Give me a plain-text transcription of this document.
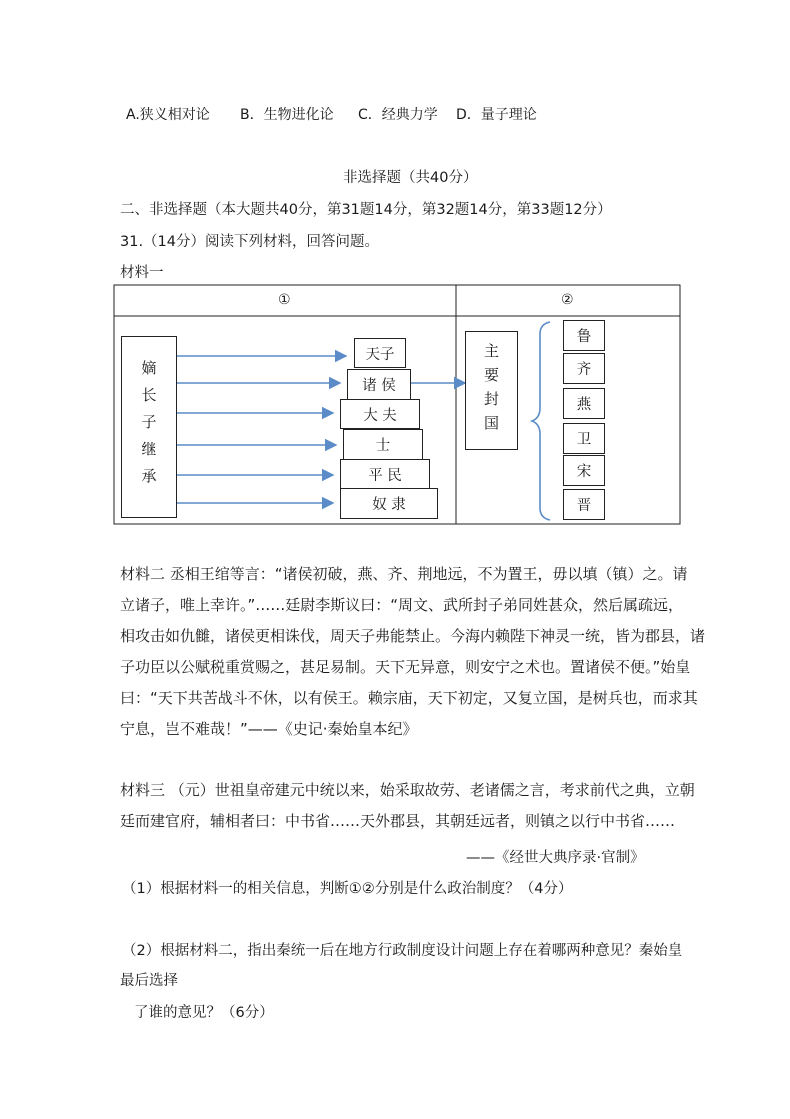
A.狭义相对论 B．生物进化论 C．经典力学 D．量子理论
非选择题（共40分）
二、非选择题（本大题共40分，第31题14分，第32题14分，第33题12分）
31.（14分）阅读下列材料，回答问题。
材料一
①	②
嫡长子继承
天子
诸 侯
大 夫
士
平 民
奴 隶
主要封国
鲁
齐
燕
卫
宋
晋
材料二 丞相王绾等言：“诸侯初破，燕、齐、荆地远，不为置王，毋以填（镇）之。请
立诸子，唯上幸许。”……廷尉李斯议曰：“周文、武所封子弟同姓甚众，然后属疏远，
相攻击如仇雠，诸侯更相诛伐，周天子弗能禁止。今海内赖陛下神灵一统，皆为郡县，诸
子功臣以公赋税重赏赐之，甚足易制。天下无异意，则安宁之术也。置诸侯不便。”始皇
曰：“天下共苦战斗不休，以有侯王。赖宗庙，天下初定，又复立国，是树兵也，而求其
宁息，岂不难哉！”——《史记·秦始皇本纪》
材料三 （元）世祖皇帝建元中统以来，始采取故劳、老诸儒之言，考求前代之典，立朝
廷而建官府，辅相者曰：中书省……天外郡县，其朝廷远者，则镇之以行中书省……
——《经世大典序录·官制》
（1）根据材料一的相关信息，判断①②分别是什么政治制度？（4分）
（2）根据材料二，指出秦统一后在地方行政制度设计问题上存在着哪两种意见？秦始皇
最后选择
了谁的意见？（6分）
